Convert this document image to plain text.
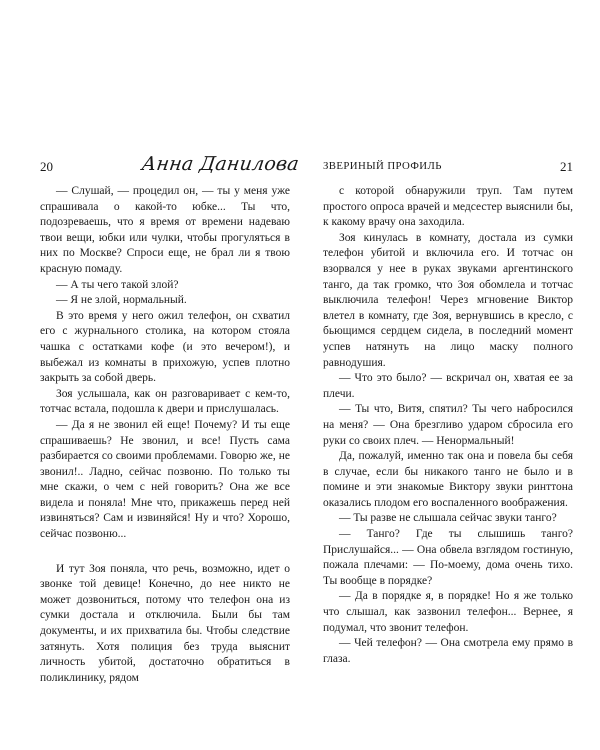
20	Анна Данилова

— Слушай, — процедил он, — ты у меня уже спрашивала о какой-то юбке... Ты что, подозреваешь, что я время от времени надеваю твои вещи, юбки или чулки, чтобы прогуляться в них по Москве? Спроси еще, не брал ли я твою красную помаду.

— А ты чего такой злой?

— Я не злой, нормальный.

В это время у него ожил телефон, он схватил его с журнального столика, на котором стояла чашка с остатками кофе (и это вечером!), и выбежал из комнаты в прихожую, успев плотно закрыть за собой дверь.

Зоя услышала, как он разговаривает с кем-то, тотчас встала, подошла к двери и прислушалась.

— Да я не звонил ей еще! Почему? И ты еще спрашиваешь? Не звонил, и все! Пусть сама разбирается со своими проблемами. Говорю же, не звонил!.. Ладно, сейчас позвоню. По только ты мне скажи, о чем с ней говорить? Она же все видела и поняла! Мне что, прикажешь перед ней извиняться? Сам и извиняйся! Ну и что? Хорошо, сейчас позвоню...

И тут Зоя поняла, что речь, возможно, идет о звонке той девице! Конечно, до нее никто не может дозвониться, потому что телефон она из сумки достала и отключила. Были бы там документы, и их прихватила бы. Чтобы следствие затянуть. Хотя полиция без труда выяснит личность убитой, достаточно обратиться в поликлинику, рядом

ЗВЕРИНЫЙ ПРОФИЛЬ	21

с которой обнаружили труп. Там путем простого опроса врачей и медсестер выяснили бы, к какому врачу она заходила.

Зоя кинулась в комнату, достала из сумки телефон убитой и включила его. И тотчас он взорвался у нее в руках звуками аргентинского танго, да так громко, что Зоя обомлела и тотчас выключила телефон! Через мгновение Виктор влетел в комнату, где Зоя, вернувшись в кресло, с бьющимся сердцем сидела, в последний момент успев натянуть на лицо маску полного равнодушия.

— Что это было? — вскричал он, хватая ее за плечи.

— Ты что, Витя, спятил? Ты чего набросился на меня? — Она брезгливо ударом сбросила его руки со своих плеч. — Ненормальный!

Да, пожалуй, именно так она и повела бы себя в случае, если бы никакого танго не было и в помине и эти знакомые Виктору звуки ринттона оказались плодом его воспаленного воображения.

— Ты разве не слышала сейчас звуки танго?

— Танго? Где ты слышишь танго? Прислушайся... — Она обвела взглядом гостиную, пожала плечами: — По-моему, дома очень тихо. Ты вообще в порядке?

— Да в порядке я, в порядке! Но я же только что слышал, как зазвонил телефон... Вернее, я подумал, что звонит телефон.

— Чей телефон? — Она смотрела ему прямо в глаза.
